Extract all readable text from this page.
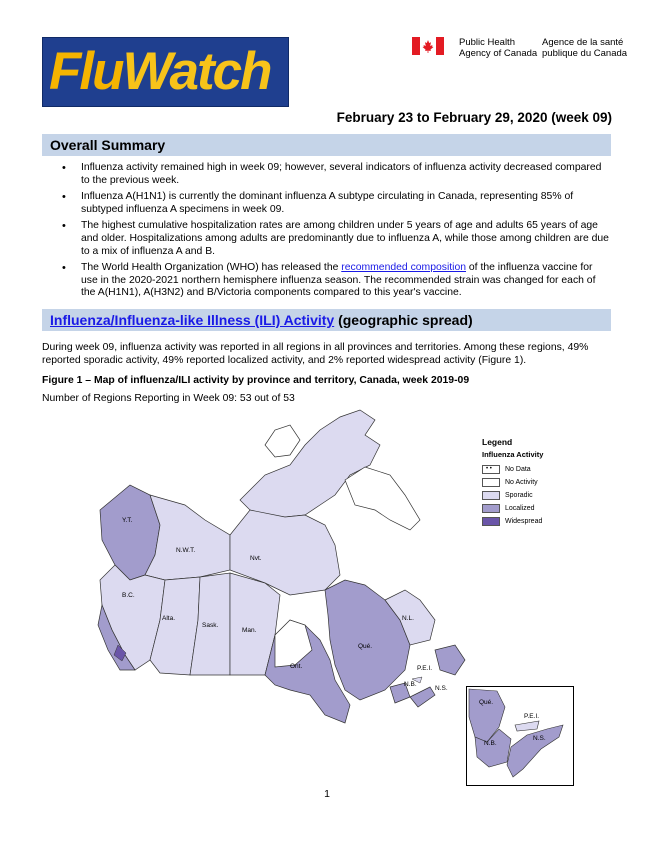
FluWatch	Public Health
Agency of Canada
Agence de la santé
publique du Canada
February 23 to February 29, 2020 (week 09)
Overall Summary
• Influenza activity remained high in week 09; however, several indicators of influenza activity decreased compared to the previous week.
• Influenza A(H1N1) is currently the dominant influenza A subtype circulating in Canada, representing 85% of subtyped influenza A specimens in week 09.
• The highest cumulative hospitalization rates are among children under 5 years of age and adults 65 years of age and older. Hospitalizations among adults are predominantly due to influenza A, while those among children are due to a mix of influenza A and B.
• The World Health Organization (WHO) has released the recommended composition of the influenza vaccine for use in the 2020-2021 northern hemisphere influenza season. The recommended strain was changed for each of the A(H1N1), A(H3N2) and B/Victoria components compared to this year's vaccine.
Influenza/Influenza-like Illness (ILI) Activity (geographic spread)
During week 09, influenza activity was reported in all regions in all provinces and territories. Among these regions, 49% reported sporadic activity, 49% reported localized activity, and 2% reported widespread activity (Figure 1).
Figure 1 – Map of influenza/ILI activity by province and territory, Canada, week 2019-09
Number of Regions Reporting in Week 09: 53 out of 53
Y.T.
N.W.T.
Nvt.
B.C.
Alta.
Sask.
Man.
Ont.
Qué.
N.L.
P.E.I.
N.B.
N.S.
Qué.
P.E.I.
N.B.
N.S.
Legend
Influenza Activity
• • No Data
No Activity
Sporadic
Localized
Widespread
1
